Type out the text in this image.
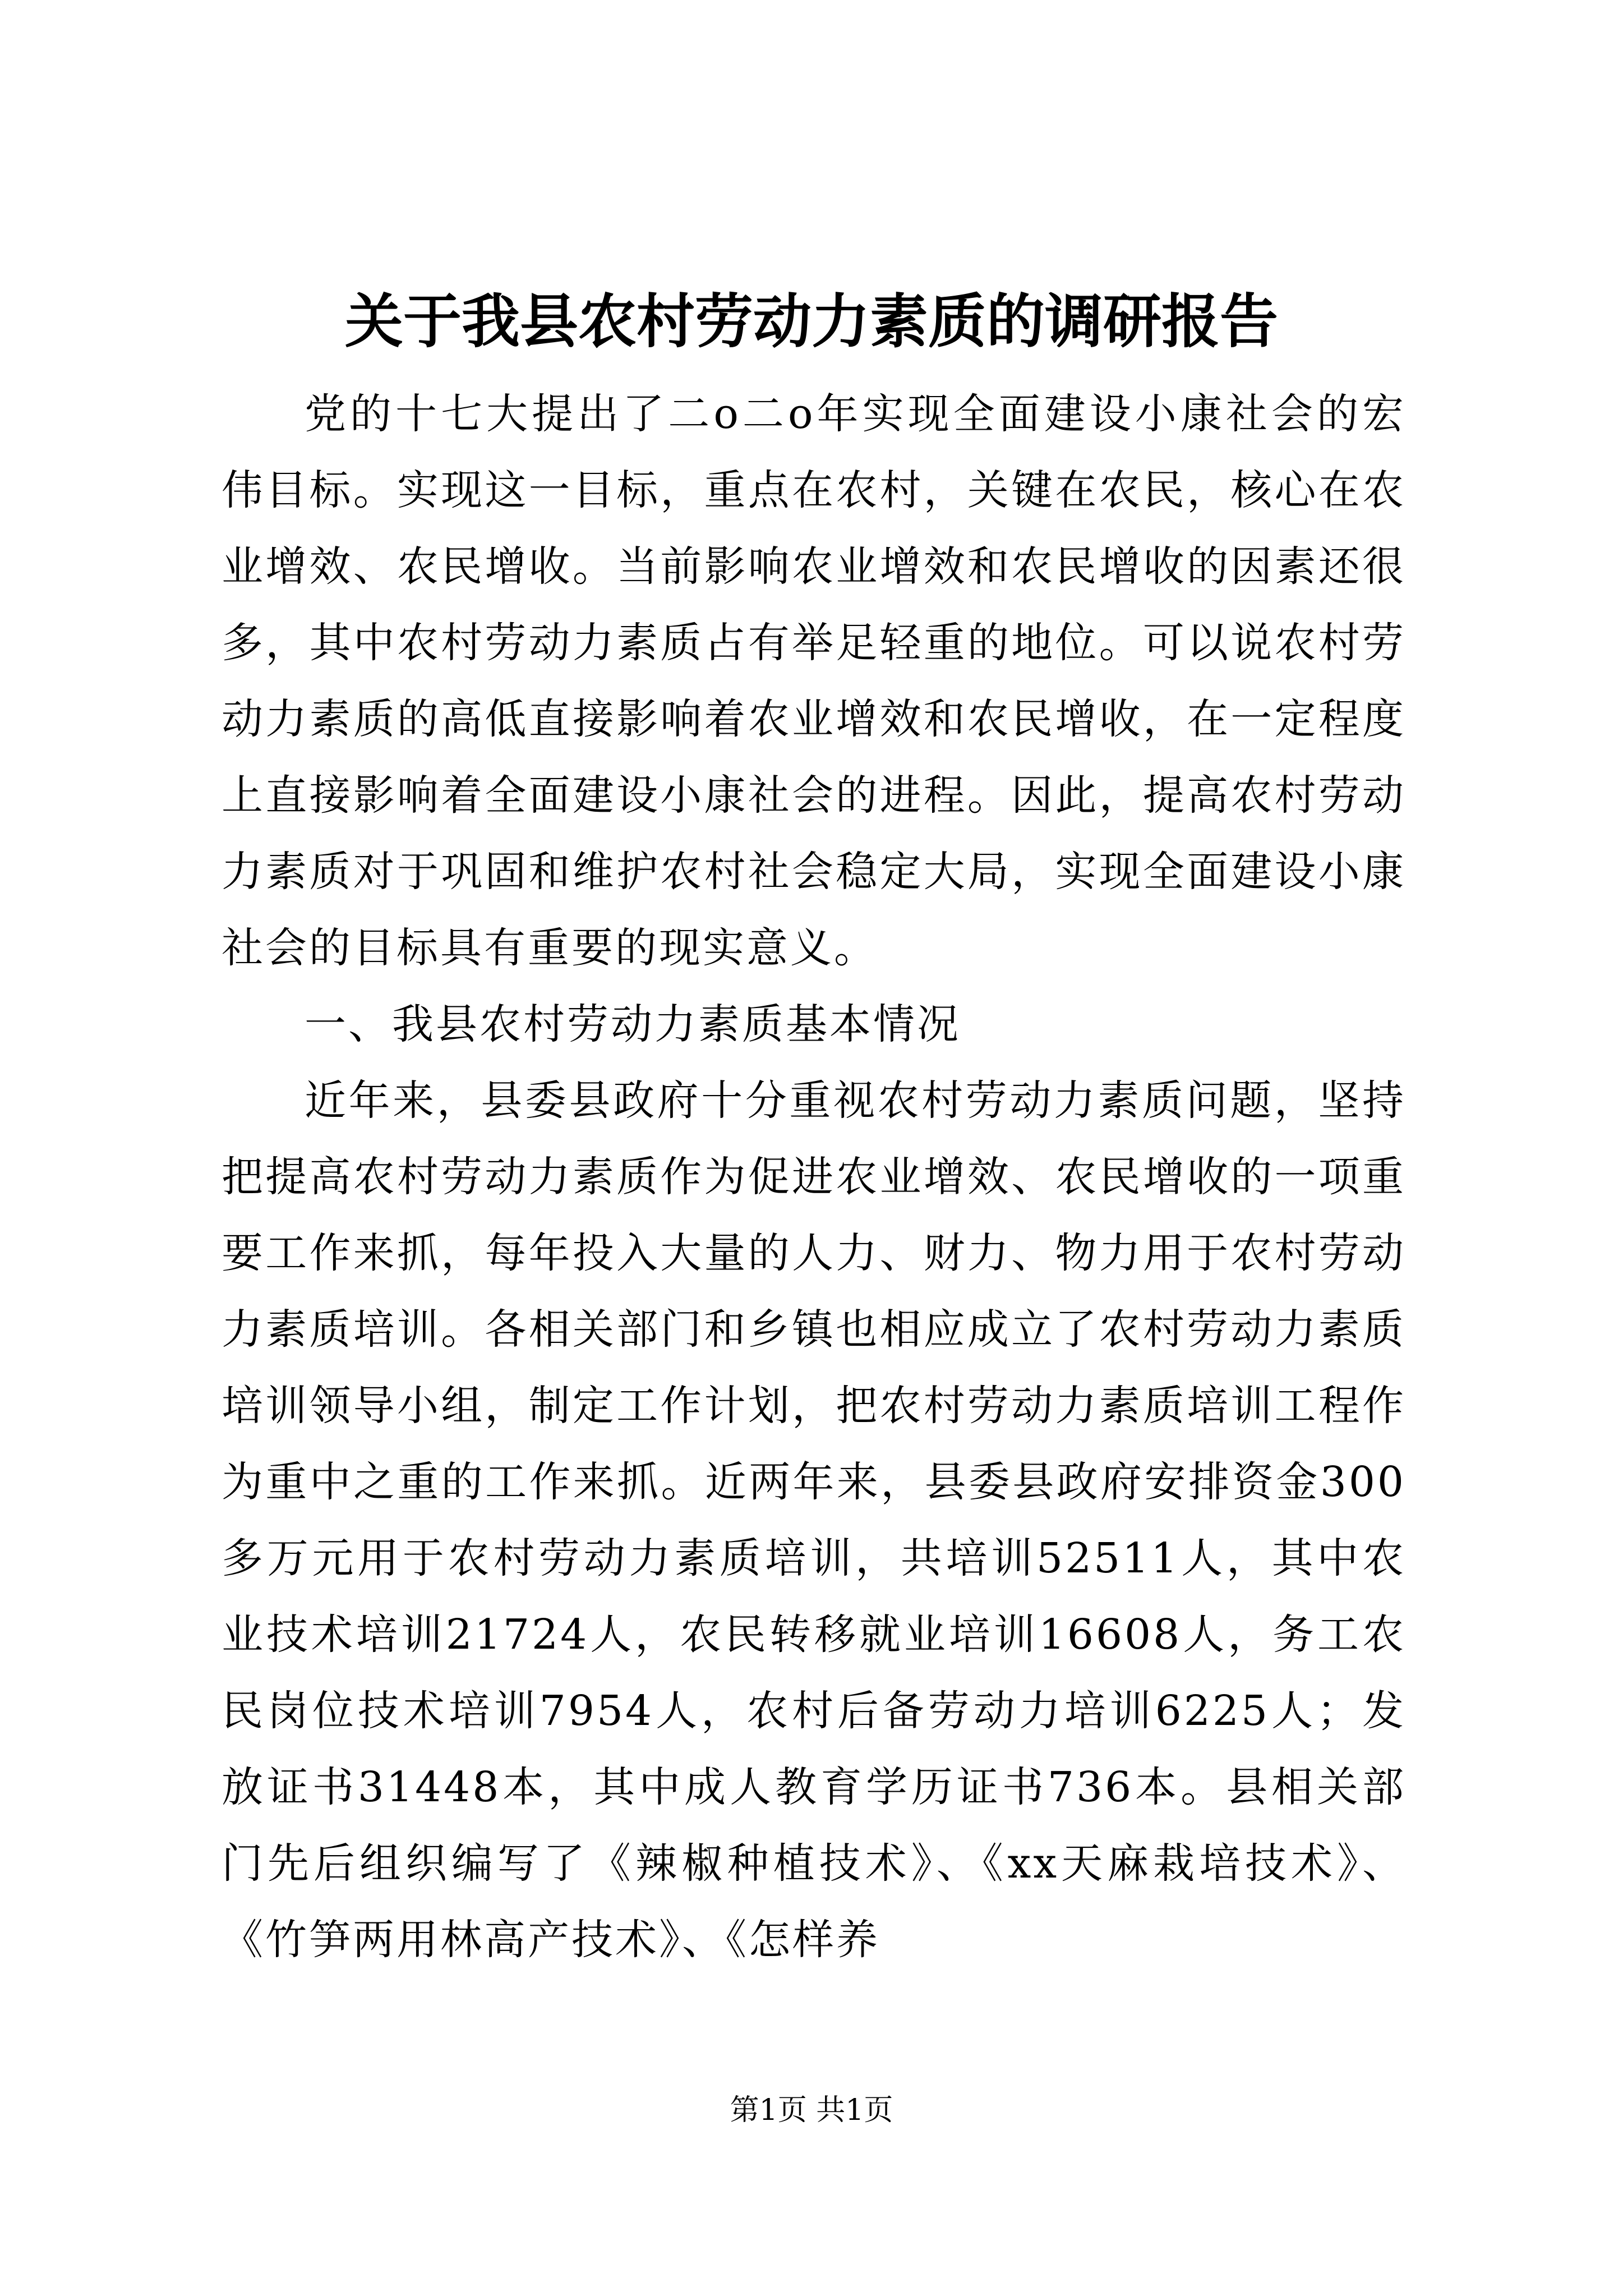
关于我县农村劳动力素质的调研报告

党的十七大提出了二o二o年实现全面建设小康社会的宏伟目标。实现这一目标，重点在农村，关键在农民，核心在农业增效、农民增收。当前影响农业增效和农民增收的因素还很多，其中农村劳动力素质占有举足轻重的地位。可以说农村劳动力素质的高低直接影响着农业增效和农民增收，在一定程度上直接影响着全面建设小康社会的进程。因此，提高农村劳动力素质对于巩固和维护农村社会稳定大局，实现全面建设小康社会的目标具有重要的现实意义。

一、我县农村劳动力素质基本情况

近年来，县委县政府十分重视农村劳动力素质问题，坚持把提高农村劳动力素质作为促进农业增效、农民增收的一项重要工作来抓，每年投入大量的人力、财力、物力用于农村劳动力素质培训。各相关部门和乡镇也相应成立了农村劳动力素质培训领导小组，制定工作计划，把农村劳动力素质培训工程作为重中之重的工作来抓。近两年来，县委县政府安排资金300多万元用于农村劳动力素质培训，共培训52511人，其中农业技术培训21724人，农民转移就业培训16608人，务工农民岗位技术培训7954人，农村后备劳动力培训6225人；发放证书31448本，其中成人教育学历证书736本。县相关部门先后组织编写了《辣椒种植技术》、《xx天麻栽培技术》、《竹笋两用林高产技术》、《怎样养

第1页 共1页
